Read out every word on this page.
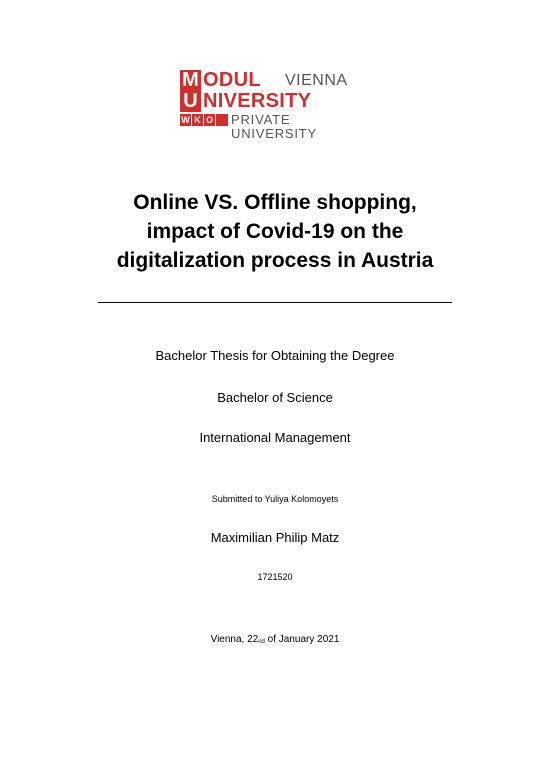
M ODUL VIENNA
U NIVERSITY
W K O PRIVATE UNIVERSITY
Online VS. Offline shopping,
impact of Covid-19 on the
digitalization process in Austria
Bachelor Thesis for Obtaining the Degree
Bachelor of Science
International Management
Submitted to Yuliya Kolomoyets
Maximilian Philip Matz
1721520
Vienna, $22_{nd}$ of January 2021
